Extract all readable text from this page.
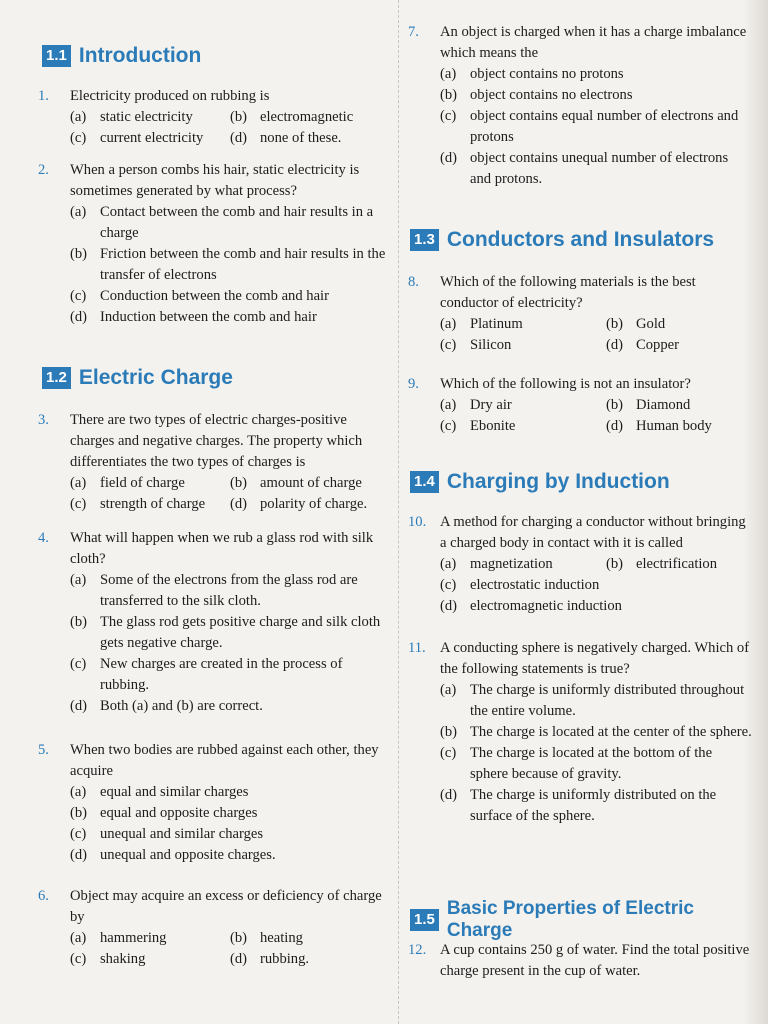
1.1 Introduction
1. Electricity produced on rubbing is
(a) static electricity	(b) electromagnetic
(c) current electricity (d) none of these.
2. When a person combs his hair, static electricity is sometimes generated by what process?
(a) Contact between the comb and hair results in a charge
(b) Friction between the comb and hair results in the transfer of electrons
(c) Conduction between the comb and hair
(d) Induction between the comb and hair
1.2 Electric Charge
3. There are two types of electric charges-positive charges and negative charges. The property which differentiates the two types of charges is
(a) field of charge	(b) amount of charge
(c) strength of charge (d) polarity of charge.
4. What will happen when we rub a glass rod with silk cloth?
(a) Some of the electrons from the glass rod are transferred to the silk cloth.
(b) The glass rod gets positive charge and silk cloth gets negative charge.
(c) New charges are created in the process of rubbing.
(d) Both (a) and (b) are correct.
5. When two bodies are rubbed against each other, they acquire
(a) equal and similar charges
(b) equal and opposite charges
(c) unequal and similar charges
(d) unequal and opposite charges.
6. Object may acquire an excess or deficiency of charge by
(a) hammering	(b) heating
(c) shaking	(d) rubbing.
7. An object is charged when it has a charge imbalance which means the
(a) object contains no protons
(b) object contains no electrons
(c) object contains equal number of electrons and protons
(d) object contains unequal number of electrons and protons.
1.3 Conductors and Insulators
8. Which of the following materials is the best conductor of electricity?
(a) Platinum	(b) Gold
(c) Silicon	(d) Copper
9. Which of the following is not an insulator?
(a) Dry air	(b) Diamond
(c) Ebonite	(d) Human body
1.4 Charging by Induction
10. A method for charging a conductor without bringing a charged body in contact with it is called
(a) magnetization	(b) electrification
(c) electrostatic induction
(d) electromagnetic induction
11. A conducting sphere is negatively charged. Which of the following statements is true?
(a) The charge is uniformly distributed throughout the entire volume.
(b) The charge is located at the center of the sphere.
(c) The charge is located at the bottom of the sphere because of gravity.
(d) The charge is uniformly distributed on the surface of the sphere.
1.5
Basic Properties of Electric Charge
12. A cup contains 250 g of water. Find the total positive charge present in the cup of water.
